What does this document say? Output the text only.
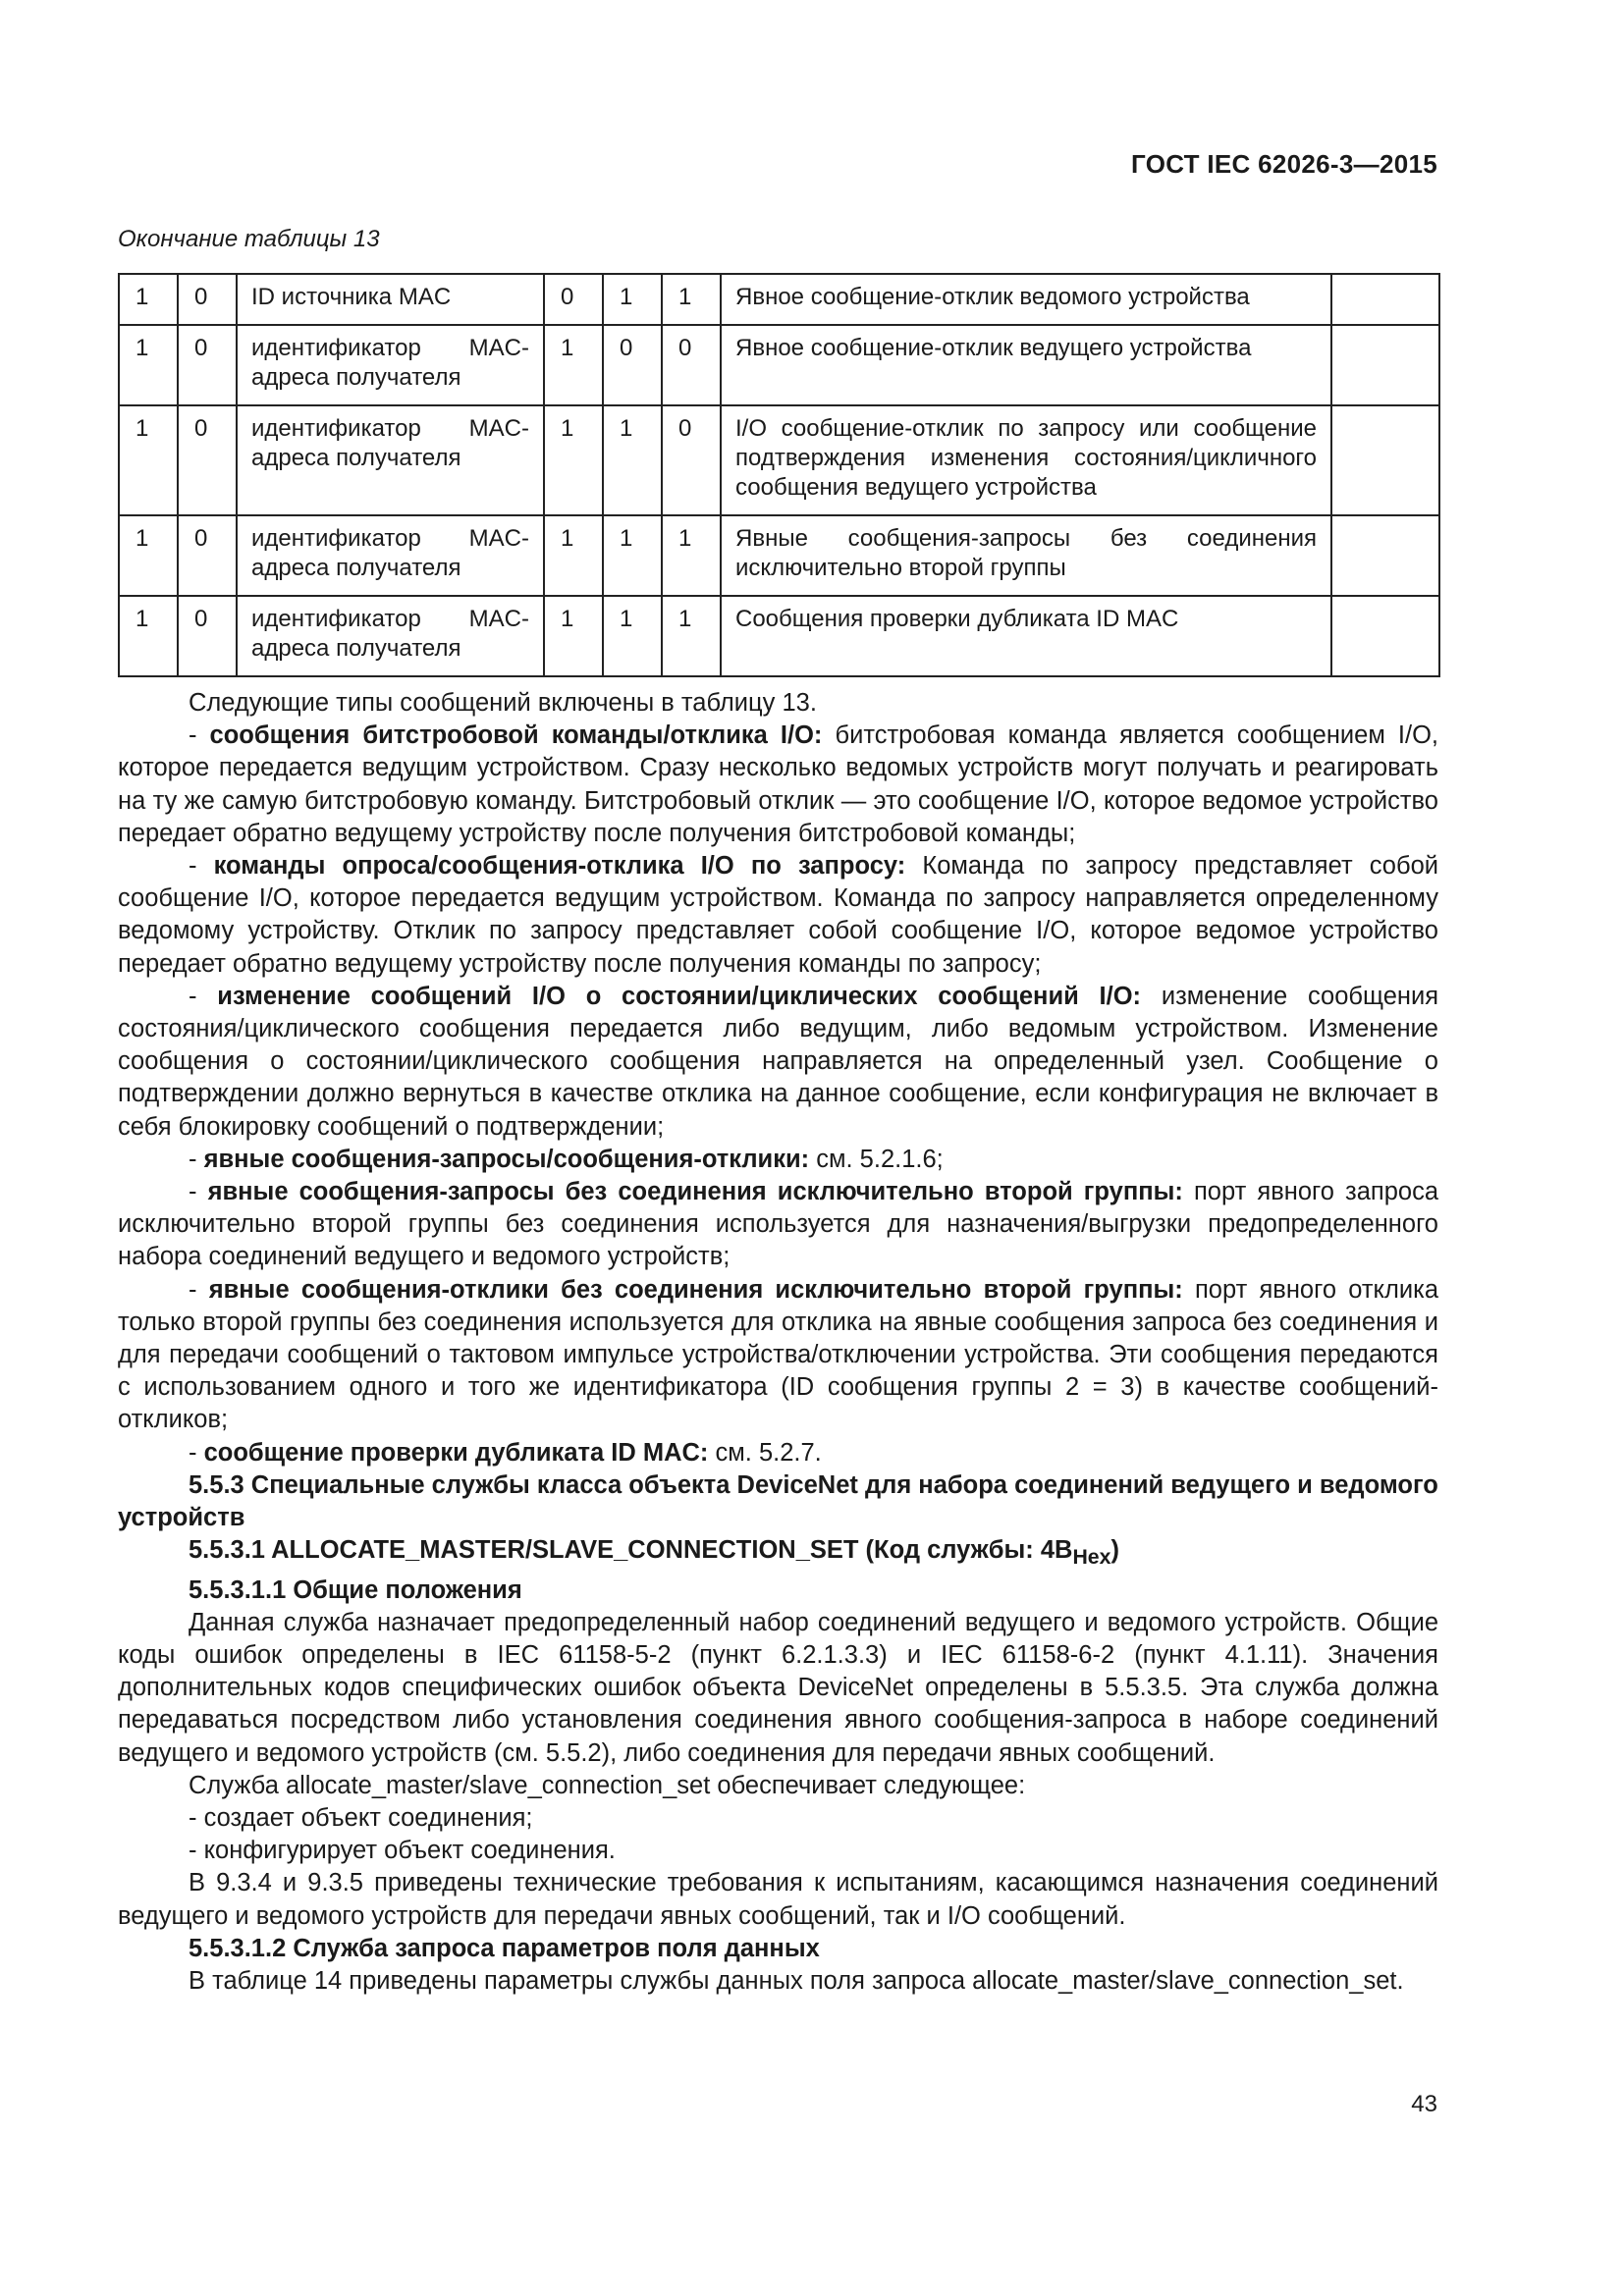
ГОСТ IEC 62026-3—2015
Окончание таблицы 13
1	0	ID источника MAC	0	1	1	Явное сообщение-отклик ведомого устройства	
1	0	идентификатор MAC-адреса получателя	1	0	0	Явное сообщение-отклик ведущего устройства	
1	0	идентификатор MAC-адреса получателя	1	1	0	I/O сообщение-отклик по запросу или сообщение подтверждения изменения состояния/цикличного сообщения ведущего устройства	
1	0	идентификатор MAC-адреса получателя	1	1	1	Явные сообщения-запросы без соединения исключительно второй группы	
1	0	идентификатор MAC-адреса получателя	1	1	1	Сообщения проверки дубликата ID MAC	

Следующие типы сообщений включены в таблицу 13.

- сообщения битстробовой команды/отклика I/O: битстробовая команда является сообщением I/O, которое передается ведущим устройством. Сразу несколько ведомых устройств могут получать и реагировать на ту же самую битстробовую команду. Битстробовый отклик — это сообщение I/O, которое ведомое устройство передает обратно ведущему устройству после получения битстробовой команды;

- команды опроса/сообщения-отклика I/O по запросу: Команда по запросу представляет собой сообщение I/O, которое передается ведущим устройством. Команда по запросу направляется определенному ведомому устройству. Отклик по запросу представляет собой сообщение I/O, которое ведомое устройство передает обратно ведущему устройству после получения команды по запросу;

- изменение сообщений I/O о состоянии/циклических сообщений I/O: изменение сообщения состояния/циклического сообщения передается либо ведущим, либо ведомым устройством. Изменение сообщения о состоянии/циклического сообщения направляется на определенный узел. Сообщение о подтверждении должно вернуться в качестве отклика на данное сообщение, если конфигурация не включает в себя блокировку сообщений о подтверждении;

- явные сообщения-запросы/сообщения-отклики: см. 5.2.1.6;

- явные сообщения-запросы без соединения исключительно второй группы: порт явного запроса исключительно второй группы без соединения используется для назначения/выгрузки предопределенного набора соединений ведущего и ведомого устройств;

- явные сообщения-отклики без соединения исключительно второй группы: порт явного отклика только второй группы без соединения используется для отклика на явные сообщения запроса без соединения и для передачи сообщений о тактовом импульсе устройства/отключении устройства. Эти сообщения передаются с использованием одного и того же идентификатора (ID сообщения группы 2 = 3) в качестве сообщений-откликов;

- сообщение проверки дубликата ID MAC: см. 5.2.7.

5.5.3 Специальные службы класса объекта DeviceNet для набора соединений ведущего и ведомого устройств

5.5.3.1 ALLOCATE_MASTER/SLAVE_CONNECTION_SET (Код службы: $4B_{Hex}$)

5.5.3.1.1 Общие положения

Данная служба назначает предопределенный набор соединений ведущего и ведомого устройств. Общие коды ошибок определены в IEC 61158-5-2 (пункт 6.2.1.3.3) и IEC 61158-6-2 (пункт 4.1.11). Значения дополнительных кодов специфических ошибок объекта DeviceNet определены в 5.5.3.5. Эта служба должна передаваться посредством либо установления соединения явного сообщения-запроса в наборе соединений ведущего и ведомого устройств (см. 5.5.2), либо соединения для передачи явных сообщений.

Служба allocate_master/slave_connection_set обеспечивает следующее:

- создает объект соединения;

- конфигурирует объект соединения.

В 9.3.4 и 9.3.5 приведены технические требования к испытаниям, касающимся назначения соединений ведущего и ведомого устройств для передачи явных сообщений, так и I/O сообщений.

5.5.3.1.2 Служба запроса параметров поля данных

В таблице 14 приведены параметры службы данных поля запроса allocate_master/slave_connection_set.

43
